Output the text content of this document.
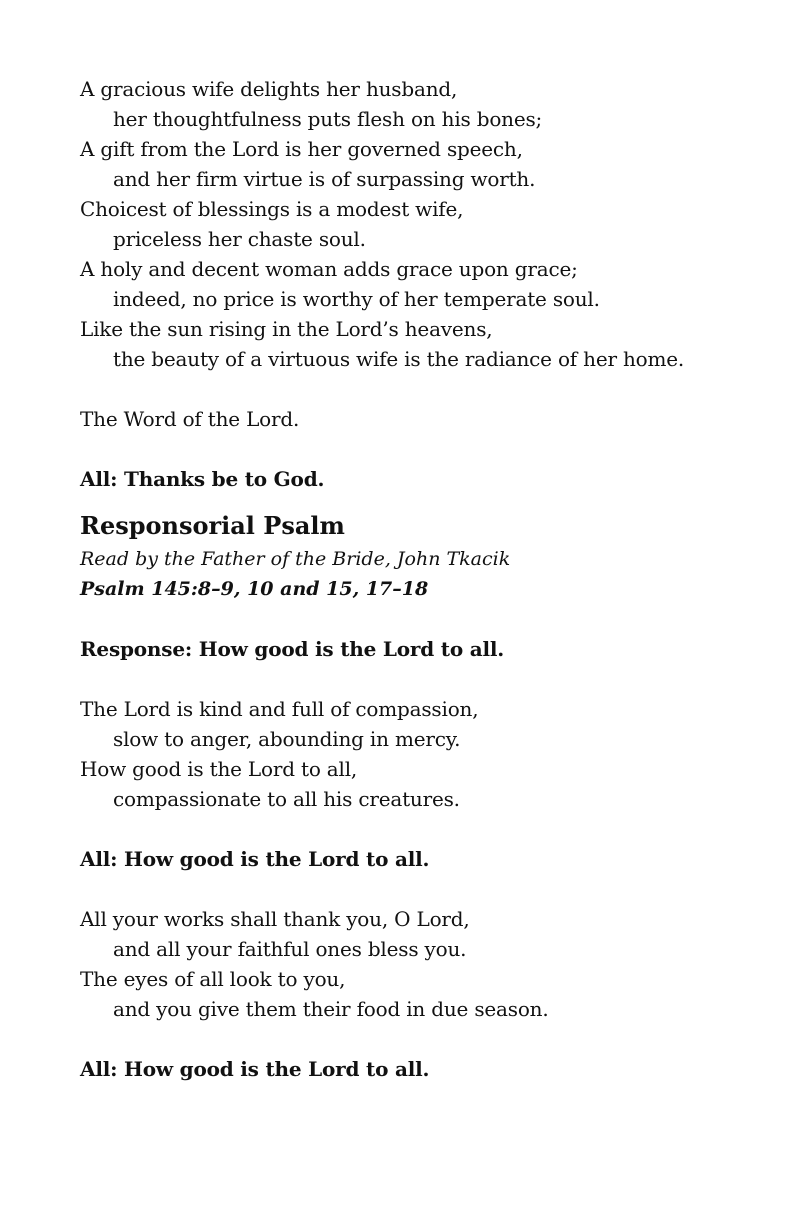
A gracious wife delights her husband,
her thoughtfulness puts flesh on his bones;
A gift from the Lord is her governed speech,
and her firm virtue is of surpassing worth.
Choicest of blessings is a modest wife,
priceless her chaste soul.
A holy and decent woman adds grace upon grace;
indeed, no price is worthy of her temperate soul.
Like the sun rising in the Lord’s heavens,
the beauty of a virtuous wife is the radiance of her home.
The Word of the Lord.
All: Thanks be to God.
Responsorial Psalm
Read by the Father of the Bride, John Tkacik
Psalm 145:8–9, 10 and 15, 17–18
Response: How good is the Lord to all.
The Lord is kind and full of compassion,
slow to anger, abounding in mercy.
How good is the Lord to all,
compassionate to all his creatures.
All: How good is the Lord to all.
All your works shall thank you, O Lord,
and all your faithful ones bless you.
The eyes of all look to you,
and you give them their food in due season.
All: How good is the Lord to all.
